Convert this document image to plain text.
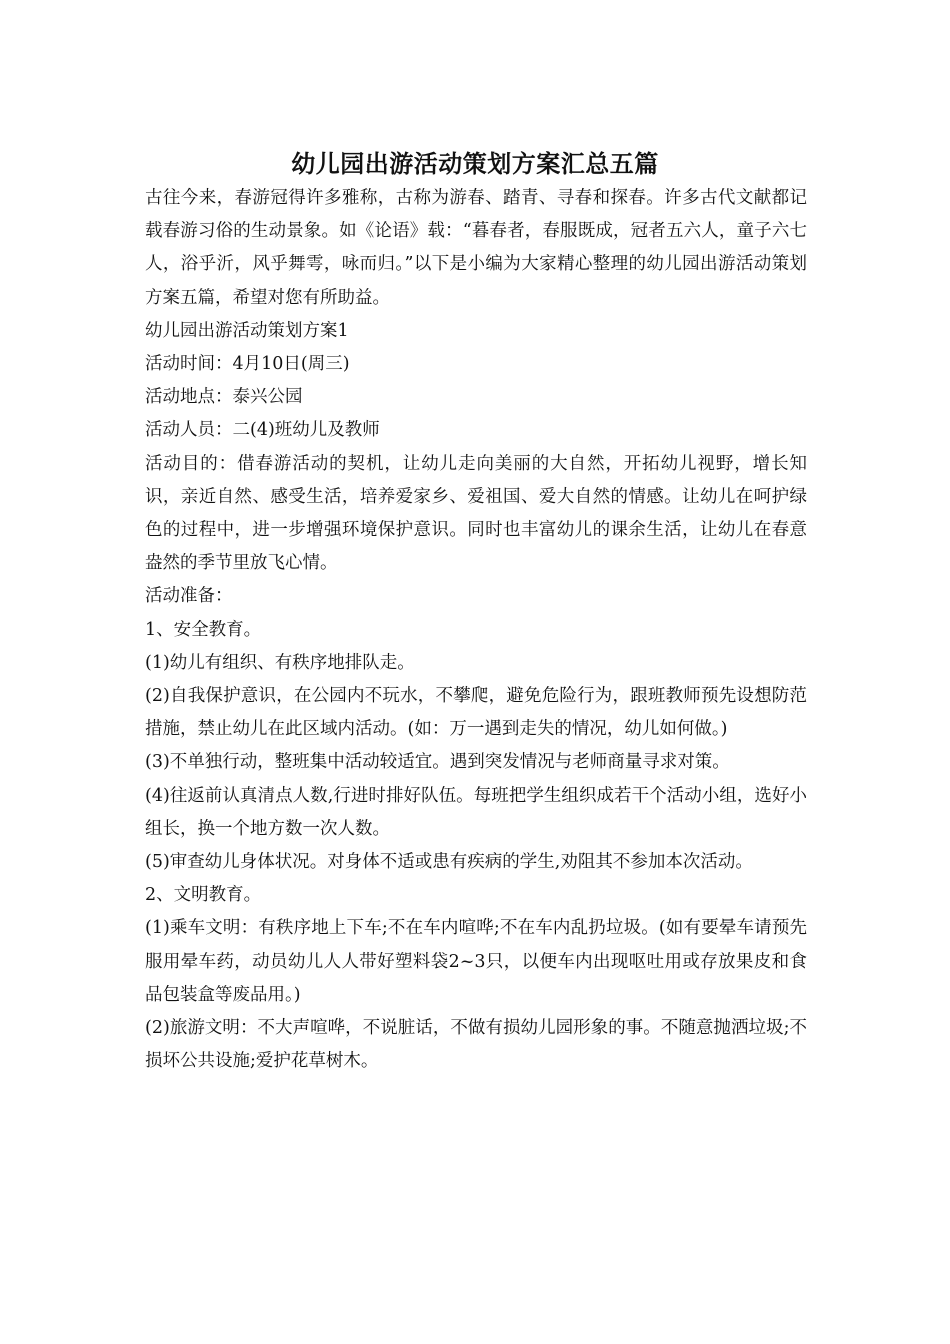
幼儿园出游活动策划方案汇总五篇

古往今来，春游冠得许多雅称，古称为游春、踏青、寻春和探春。许多古代文献都记载春游习俗的生动景象。如《论语》载：“暮春者，春服既成，冠者五六人，童子六七人，浴乎沂，风乎舞雩，咏而归。”以下是小编为大家精心整理的幼儿园出游活动策划方案五篇，希望对您有所助益。

幼儿园出游活动策划方案1

活动时间：4月10日(周三)

活动地点：泰兴公园

活动人员：二(4)班幼儿及教师

活动目的：借春游活动的契机，让幼儿走向美丽的大自然，开拓幼儿视野，增长知识，亲近自然、感受生活，培养爱家乡、爱祖国、爱大自然的情感。让幼儿在呵护绿色的过程中，进一步增强环境保护意识。同时也丰富幼儿的课余生活，让幼儿在春意盎然的季节里放飞心情。

活动准备：

1、安全教育。

(1)幼儿有组织、有秩序地排队走。

(2)自我保护意识，在公园内不玩水，不攀爬，避免危险行为，跟班教师预先设想防范措施，禁止幼儿在此区域内活动。(如：万一遇到走失的情况，幼儿如何做。)

(3)不单独行动，整班集中活动较适宜。遇到突发情况与老师商量寻求对策。

(4)往返前认真清点人数,行进时排好队伍。每班把学生组织成若干个活动小组，选好小组长，换一个地方数一次人数。

(5)审查幼儿身体状况。对身体不适或患有疾病的学生,劝阻其不参加本次活动。

2、文明教育。

(1)乘车文明：有秩序地上下车;不在车内喧哗;不在车内乱扔垃圾。(如有要晕车请预先服用晕车药，动员幼儿人人带好塑料袋2~3只，以便车内出现呕吐用或存放果皮和食品包装盒等废品用。)

(2)旅游文明：不大声喧哗，不说脏话，不做有损幼儿园形象的事。不随意抛洒垃圾;不损坏公共设施;爱护花草树木。
